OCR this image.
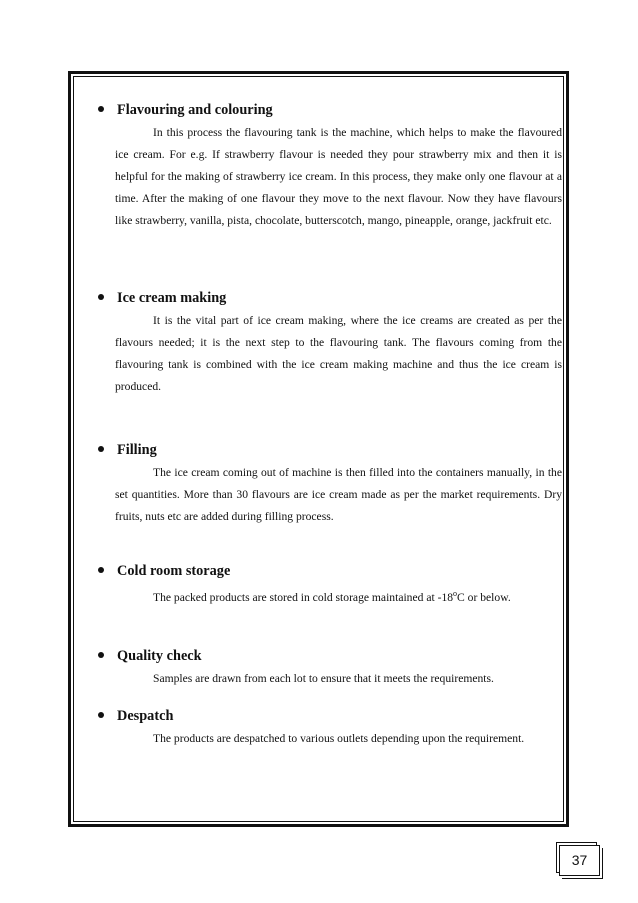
Flavouring and colouring

In this process the flavouring tank is the machine, which helps to make the flavoured ice cream. For e.g. If strawberry flavour is needed they pour strawberry mix and then it is helpful for the making of strawberry ice cream. In this process, they make only one flavour at a time. After the making of one flavour they move to the next flavour. Now they have flavours like strawberry, vanilla, pista, chocolate, butterscotch, mango, pineapple, orange, jackfruit etc.

Ice cream making

It is the vital part of ice cream making, where the ice creams are created as per the flavours needed; it is the next step to the flavouring tank. The flavours coming from the flavouring tank is combined with the ice cream making machine and thus the ice cream is produced.

Filling

The ice cream coming out of machine is then filled into the containers manually, in the set quantities. More than 30 flavours are ice cream made as per the market requirements. Dry fruits, nuts etc are added during filling process.

Cold room storage

The packed products are stored in cold storage maintained at -18$^o$C or below.

Quality check

Samples are drawn from each lot to ensure that it meets the requirements.

Despatch

The products are despatched to various outlets depending upon the requirement.

37
